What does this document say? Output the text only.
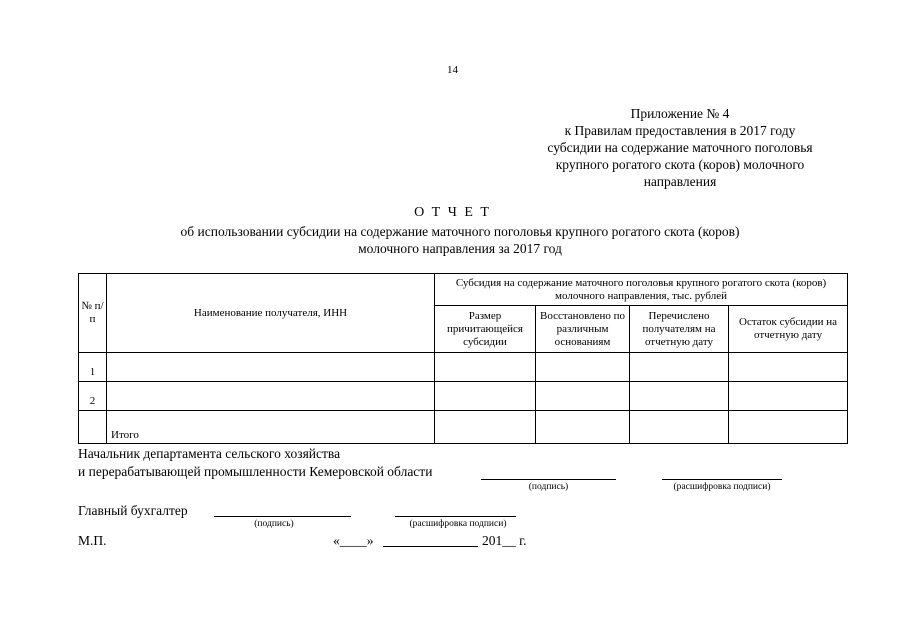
14
Приложение № 4
к Правилам предоставления в 2017 году
субсидии на содержание маточного поголовья
крупного рогатого скота (коров) молочного
направления
О Т Ч Е Т
об использовании субсидии на содержание маточного поголовья крупного рогатого скота (коров)
молочного направления за 2017 год
№ п/п	Наименование получателя, ИНН	Субсидия на содержание маточного поголовья крупного рогатого скота (коров) молочного направления, тыс. рублей			
		Размер причитающейся субсидии	Восстановлено по различным основаниям	Перечислено получателям на отчетную дату	Остаток субсидии на отчетную дату
1					
2					
	Итого				
Начальник департамента сельского хозяйства
и перерабатывающей промышленности Кемеровской области
(подпись)	(расшифровка подписи)
Главный бухгалтер
(подпись)	(расшифровка подписи)
М.П.	«____»	201__ г.
